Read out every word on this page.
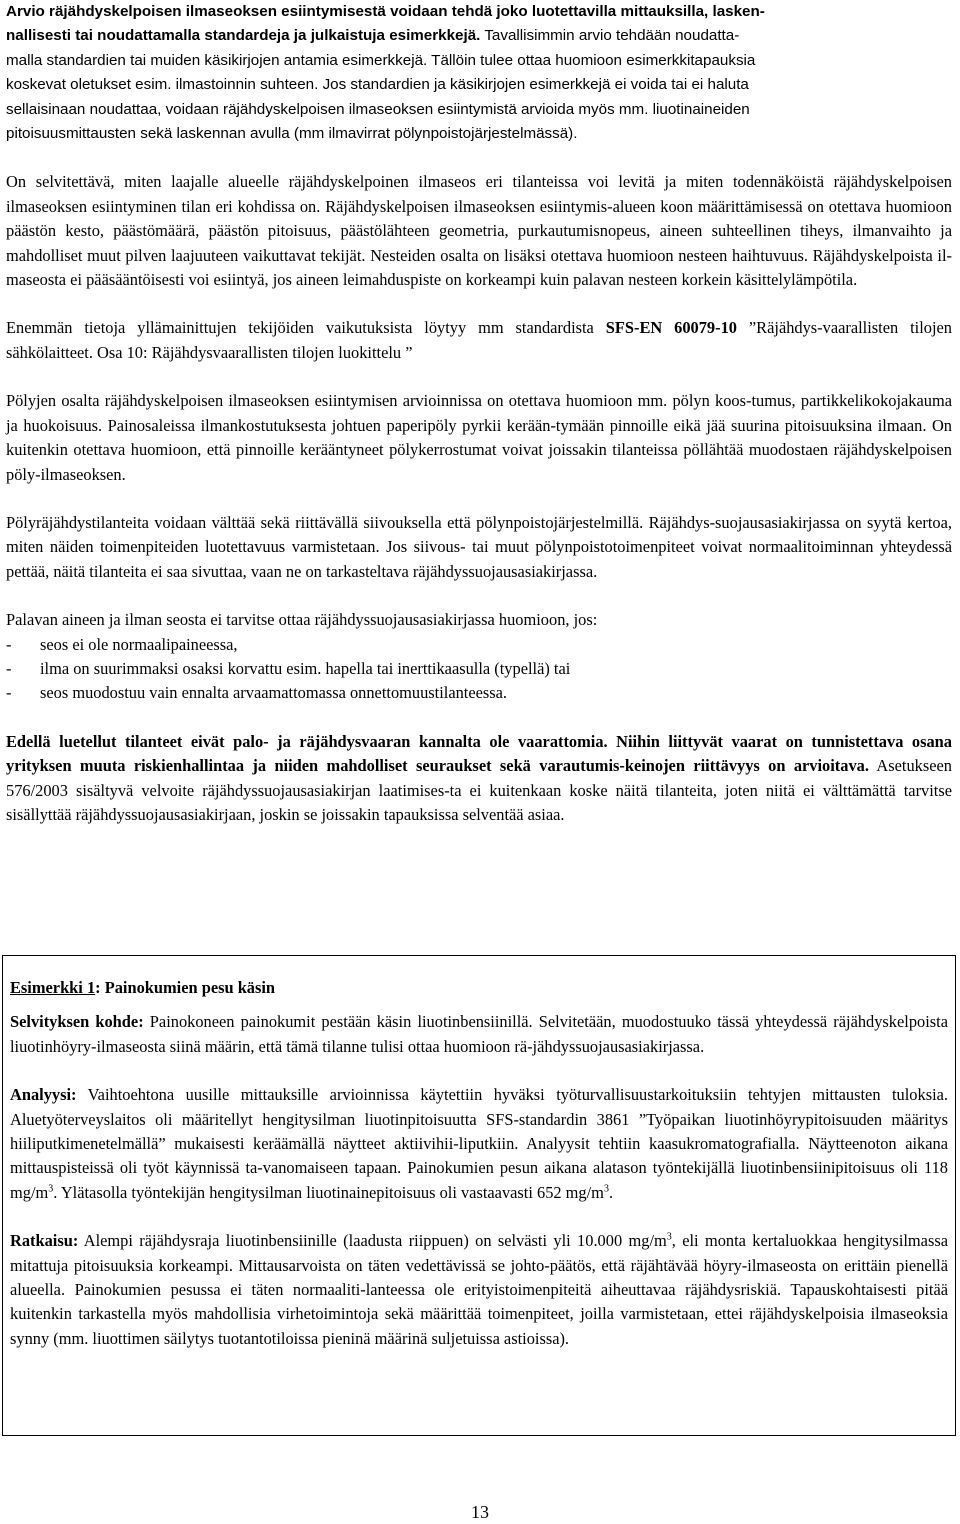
Arvio räjähdyskelpoisen ilmaseoksen esiintymisestä voidaan tehdä joko luotettavilla mittauksilla, lasken-

nallisesti tai noudattamalla standardeja ja julkaistuja esimerkkejä. Tavallisimmin arvio tehdään noudatta-

malla standardien tai muiden käsikirjojen antamia esimerkkejä. Tällöin tulee ottaa huomioon esimerkkitapauksia

koskevat oletukset esim. ilmastoinnin suhteen. Jos standardien ja käsikirjojen esimerkkejä ei voida tai ei haluta

sellaisinaan noudattaa, voidaan räjähdyskelpoisen ilmaseoksen esiintymistä arvioida myös mm. liuotinaineiden

pitoisuusmittausten sekä laskennan avulla (mm ilmavirrat pölynpoistojärjestelmässä).

On selvitettävä, miten laajalle alueelle räjähdyskelpoinen ilmaseos eri tilanteissa voi levitä ja miten todennäköistä räjähdyskelpoisen ilmaseoksen esiintyminen tilan eri kohdissa on. Räjähdyskelpoisen ilmaseoksen esiintymis-alueen koon määrittämisessä on otettava huomioon päästön kesto, päästömäärä, päästön pitoisuus, päästölähteen geometria, purkautumisnopeus, aineen suhteellinen tiheys, ilmanvaihto ja mahdolliset muut pilven laajuuteen vaikuttavat tekijät. Nesteiden osalta on lisäksi otettava huomioon nesteen haihtuvuus. Räjähdyskelpoista il-maseosta ei pääsääntöisesti voi esiintyä, jos aineen leimahduspiste on korkeampi kuin palavan nesteen korkein käsittelylämpötila.

Enemmän tietoja yllämainittujen tekijöiden vaikutuksista löytyy mm standardista SFS-EN 60079-10 ”Räjähdys-vaarallisten tilojen sähkölaitteet. Osa 10: Räjähdysvaarallisten tilojen luokittelu ”

Pölyjen osalta räjähdyskelpoisen ilmaseoksen esiintymisen arvioinnissa on otettava huomioon mm. pölyn koos-tumus, partikkelikokojakauma ja huokoisuus. Painosaleissa ilmankostutuksesta johtuen paperipöly pyrkii kerään-tymään pinnoille eikä jää suurina pitoisuuksina ilmaan. On kuitenkin otettava huomioon, että pinnoille kerääntyneet pölykerrostumat voivat joissakin tilanteissa pöllähtää muodostaen räjähdyskelpoisen pöly-ilmaseoksen.

Pölyräjähdystilanteita voidaan välttää sekä riittävällä siivouksella että pölynpoistojärjestelmillä. Räjähdys-suojausasiakirjassa on syytä kertoa, miten näiden toimenpiteiden luotettavuus varmistetaan. Jos siivous- tai muut pölynpoistotoimenpiteet voivat normaalitoiminnan yhteydessä pettää, näitä tilanteita ei saa sivuttaa, vaan ne on tarkasteltava räjähdyssuojausasiakirjassa.

Palavan aineen ja ilman seosta ei tarvitse ottaa räjähdyssuojausasiakirjassa huomioon, jos:

-	seos ei ole normaalipaineessa,
-	ilma on suurimmaksi osaksi korvattu esim. hapella tai inerttikaasulla (typellä) tai
-	seos muodostuu vain ennalta arvaamattomassa onnettomuustilanteessa.

Edellä luetellut tilanteet eivät palo- ja räjähdysvaaran kannalta ole vaarattomia. Niihin liittyvät vaarat on tunnistettava osana yrityksen muuta riskienhallintaa ja niiden mahdolliset seuraukset sekä varautumis-keinojen riittävyys on arvioitava. Asetukseen 576/2003 sisältyvä velvoite räjähdyssuojausasiakirjan laatimises-ta ei kuitenkaan koske näitä tilanteita, joten niitä ei välttämättä tarvitse sisällyttää räjähdyssuojausasiakirjaan, joskin se joissakin tapauksissa selventää asiaa.

Esimerkki 1: Painokumien pesu käsin

Selvityksen kohde: Painokoneen painokumit pestään käsin liuotinbensiinillä. Selvitetään, muodostuuko tässä yhteydessä räjähdyskelpoista liuotinhöyry-ilmaseosta siinä määrin, että tämä tilanne tulisi ottaa huomioon rä-jähdyssuojausasiakirjassa.

Analyysi: Vaihtoehtona uusille mittauksille arvioinnissa käytettiin hyväksi työturvallisuustarkoituksiin tehtyjen mittausten tuloksia. Aluetyöterveyslaitos oli määritellyt hengitysilman liuotinpitoisuutta SFS-standardin 3861 ”Työpaikan liuotinhöyrypitoisuuden määritys hiiliputkimenetelmällä” mukaisesti keräämällä näytteet aktiivihii-liputkiin. Analyysit tehtiin kaasukromatografialla. Näytteenoton aikana mittauspisteissä oli työt käynnissä ta-vanomaiseen tapaan. Painokumien pesun aikana alatason työntekijällä liuotinbensiinipitoisuus oli 118 $mg/m^3$. Ylätasolla työntekijän hengitysilman liuotinainepitoisuus oli vastaavasti 652 $mg/m^3$.

Ratkaisu: Alempi räjähdysraja liuotinbensiinille (laadusta riippuen) on selvästi yli 10.000 $mg/m^3$, eli monta kertaluokkaa hengitysilmassa mitattuja pitoisuuksia korkeampi. Mittausarvoista on täten vedettävissä se johto-päätös, että räjähtävää höyry-ilmaseosta on erittäin pienellä alueella. Painokumien pesussa ei täten normaaliti-lanteessa ole erityistoimenpiteitä aiheuttavaa räjähdysriskiä. Tapauskohtaisesti pitää kuitenkin tarkastella myös mahdollisia virhetoimintoja sekä määrittää toimenpiteet, joilla varmistetaan, ettei räjähdyskelpoisia ilmaseoksia synny (mm. liuottimen säilytys tuotantotiloissa pieninä määrinä suljetuissa astioissa).

13
